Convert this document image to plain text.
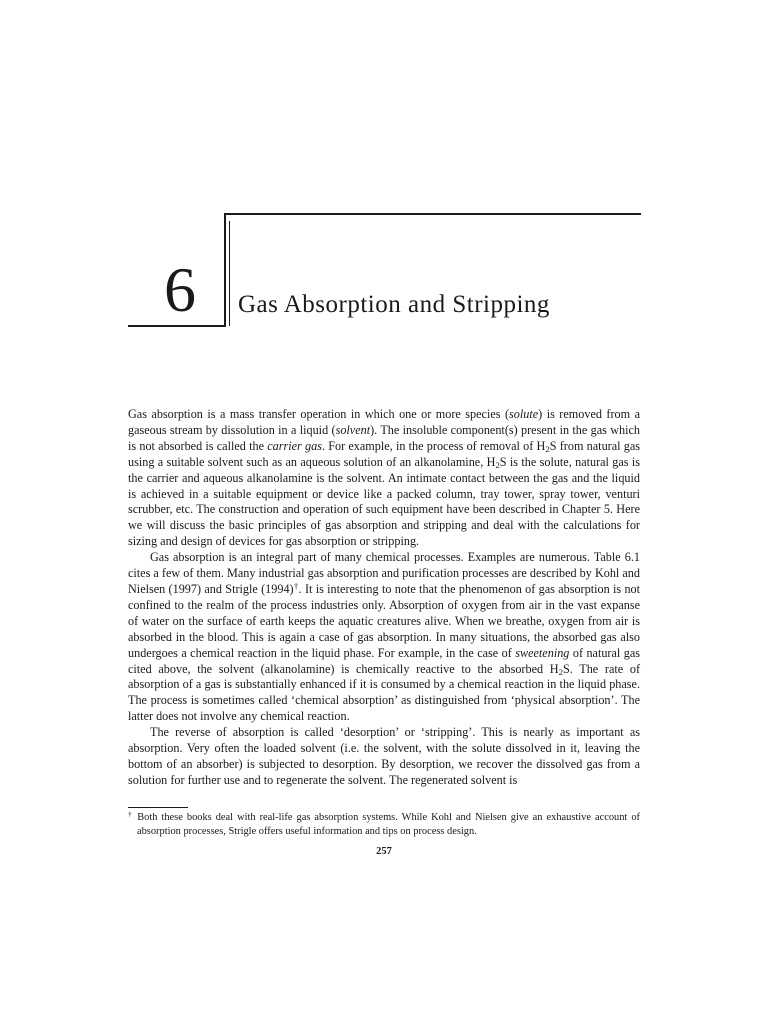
6	Gas Absorption and Stripping

Gas absorption is a mass transfer operation in which one or more species (solute) is removed from a gaseous stream by dissolution in a liquid (solvent). The insoluble component(s) present in the gas which is not absorbed is called the carrier gas. For example, in the process of removal of $H_2S$ from natural gas using a suitable solvent such as an aqueous solution of an alkanolamine, $H_2S$ is the solute, natural gas is the carrier and aqueous alkanolamine is the solvent. An intimate contact between the gas and the liquid is achieved in a suitable equipment or device like a packed column, tray tower, spray tower, venturi scrubber, etc. The construction and operation of such equipment have been described in Chapter 5. Here we will discuss the basic principles of gas absorption and stripping and deal with the calculations for sizing and design of devices for gas absorption or stripping.

Gas absorption is an integral part of many chemical processes. Examples are numerous. Table 6.1 cites a few of them. Many industrial gas absorption and purification processes are described by Kohl and Nielsen (1997) and Strigle (1994)†. It is interesting to note that the phenomenon of gas absorption is not confined to the realm of the process industries only. Absorption of oxygen from air in the vast expanse of water on the surface of earth keeps the aquatic creatures alive. When we breathe, oxygen from air is absorbed in the blood. This is again a case of gas absorption. In many situations, the absorbed gas also undergoes a chemical reaction in the liquid phase. For example, in the case of sweetening of natural gas cited above, the solvent (alkanolamine) is chemically reactive to the absorbed $H_2S$. The rate of absorption of a gas is substantially enhanced if it is consumed by a chemical reaction in the liquid phase. The process is sometimes called ‘chemical absorption’ as distinguished from ‘physical absorption’. The latter does not involve any chemical reaction.

The reverse of absorption is called ‘desorption’ or ‘stripping’. This is nearly as important as absorption. Very often the loaded solvent (i.e. the solvent, with the solute dissolved in it, leaving the bottom of an absorber) is subjected to desorption. By desorption, we recover the dissolved gas from a solution for further use and to regenerate the solvent. The regenerated solvent is

† Both these books deal with real-life gas absorption systems. While Kohl and Nielsen give an exhaustive account of absorption processes, Strigle offers useful information and tips on process design.
257
